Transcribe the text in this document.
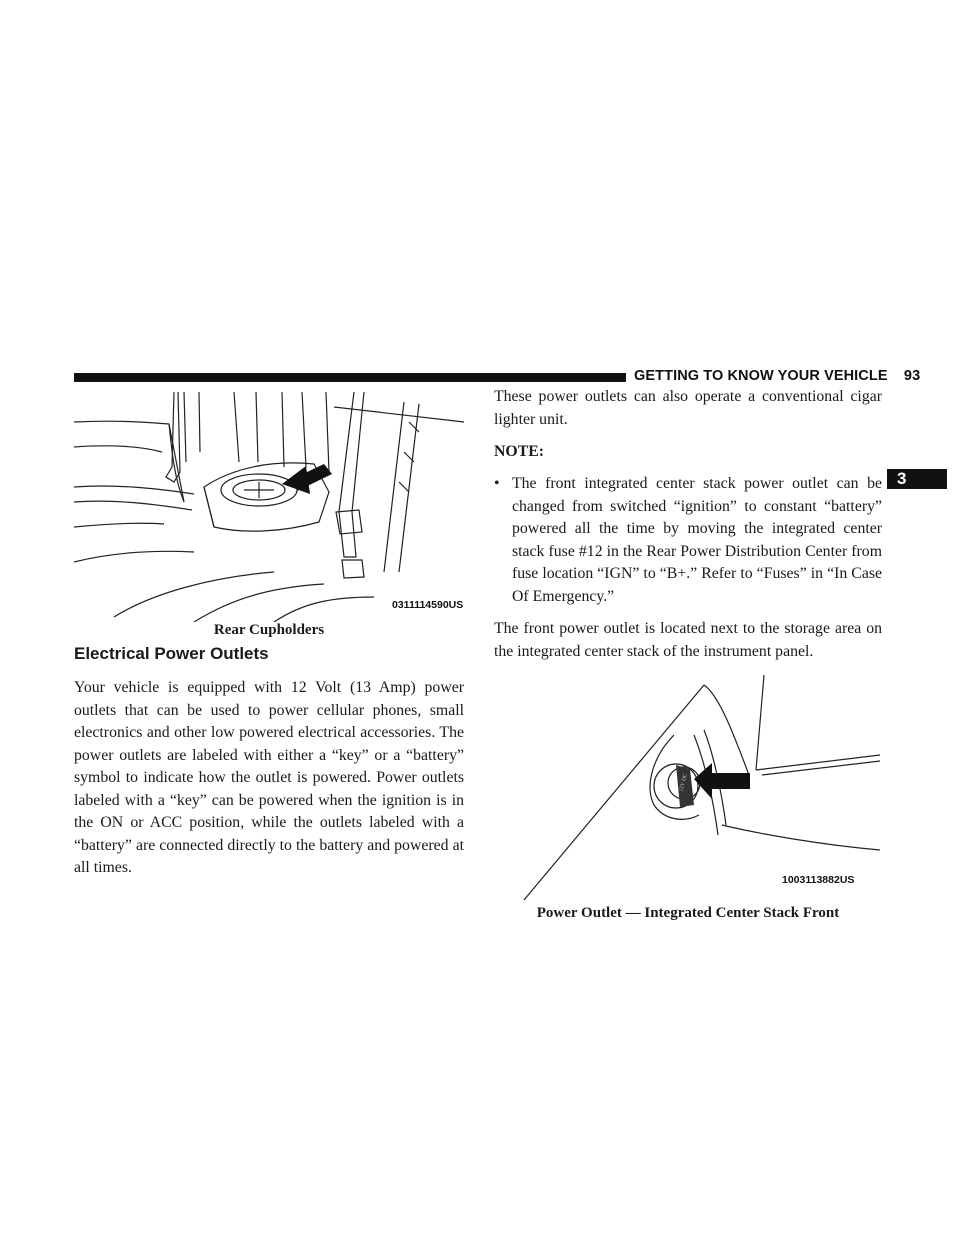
GETTING TO KNOW YOUR VEHICLE 93
3
0311114590US
Rear Cupholders
Electrical Power Outlets

Your vehicle is equipped with 12 Volt (13 Amp) power outlets that can be used to power cellular phones, small electronics and other low powered electrical accessories. The power outlets are labeled with either a “key” or a “battery” symbol to indicate how the outlet is powered. Power outlets labeled with a “key” can be powered when the ignition is in the ON or ACC position, while the outlets labeled with a “battery” are connected directly to the battery and powered at all times.

These power outlets can also operate a conventional cigar lighter unit.

NOTE:
• The front integrated center stack power outlet can be changed from switched “ignition” to constant “battery” powered all the time by moving the integrated center stack fuse #12 in the Rear Power Distribution Center from fuse location “IGN” to “B+.” Refer to “Fuses” in “In Case Of Emergency.”

The front power outlet is located next to the storage area on the integrated center stack of the instrument panel.

12V DC
1003113882US
Power Outlet — Integrated Center Stack Front
